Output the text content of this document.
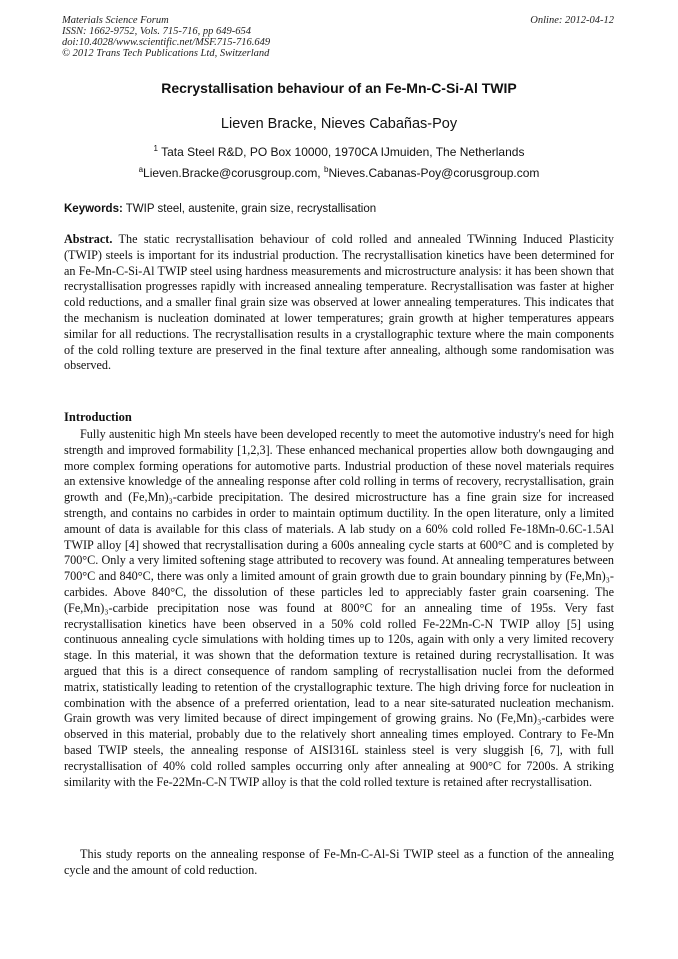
Materials Science Forum
ISSN: 1662-9752, Vols. 715-716, pp 649-654
doi:10.4028/www.scientific.net/MSF.715-716.649
© 2012 Trans Tech Publications Ltd, Switzerland
Online: 2012-04-12
Recrystallisation behaviour of an Fe-Mn-C-Si-Al TWIP
Lieven Bracke, Nieves Cabañas-Poy
$^1$ Tata Steel R&D, PO Box 10000, 1970CA IJmuiden, The Netherlands
$^a$Lieven.Bracke@corusgroup.com, $^b$Nieves.Cabanas-Poy@corusgroup.com
Keywords: TWIP steel, austenite, grain size, recrystallisation
Abstract. The static recrystallisation behaviour of cold rolled and annealed TWinning Induced Plasticity (TWIP) steels is important for its industrial production. The recrystallisation kinetics have been determined for an Fe-Mn-C-Si-Al TWIP steel using hardness measurements and microstructure analysis: it has been shown that recrystallisation progresses rapidly with increased annealing temperature. Recrystallisation was faster at higher cold reductions, and a smaller final grain size was observed at lower annealing temperatures. This indicates that the mechanism is nucleation dominated at lower temperatures; grain growth at higher temperatures appears similar for all reductions. The recrystallisation results in a crystallographic texture where the main components of the cold rolling texture are preserved in the final texture after annealing, although some randomisation was observed.
Introduction
Fully austenitic high Mn steels have been developed recently to meet the automotive industry's need for high strength and improved formability [1,2,3]. These enhanced mechanical properties allow both downgauging and more complex forming operations for automotive parts. Industrial production of these novel materials requires an extensive knowledge of the annealing response after cold rolling in terms of recovery, recrystallisation, grain growth and (Fe,Mn)₃-carbide precipitation. The desired microstructure has a fine grain size for increased strength, and contains no carbides in order to maintain optimum ductility. In the open literature, only a limited amount of data is available for this class of materials. A lab study on a 60% cold rolled Fe-18Mn-0.6C-1.5Al TWIP alloy [4] showed that recrystallisation during a 600s annealing cycle starts at 600°C and is completed by 700°C. Only a very limited softening stage attributed to recovery was found. At annealing temperatures between 700°C and 840°C, there was only a limited amount of grain growth due to grain boundary pinning by (Fe,Mn)₃-carbides. Above 840°C, the dissolution of these particles led to appreciably faster grain coarsening. The (Fe,Mn)₃-carbide precipitation nose was found at 800°C for an annealing time of 195s. Very fast recrystallisation kinetics have been observed in a 50% cold rolled Fe-22Mn-C-N TWIP alloy [5] using continuous annealing cycle simulations with holding times up to 120s, again with only a very limited recovery stage. In this material, it was shown that the deformation texture is retained during recrystallisation. It was argued that this is a direct consequence of random sampling of recrystallisation nuclei from the deformed matrix, statistically leading to retention of the crystallographic texture. The high driving force for nucleation in combination with the absence of a preferred orientation, lead to a near site-saturated nucleation mechanism. Grain growth was very limited because of direct impingement of growing grains. No (Fe,Mn)₃-carbides were observed in this material, probably due to the relatively short annealing times employed. Contrary to Fe-Mn based TWIP steels, the annealing response of AISI316L stainless steel is very sluggish [6, 7], with full recrystallisation of 40% cold rolled samples occurring only after annealing at 900°C for 7200s. A striking similarity with the Fe-22Mn-C-N TWIP alloy is that the cold rolled texture is retained after recrystallisation.
This study reports on the annealing response of Fe-Mn-C-Al-Si TWIP steel as a function of the annealing cycle and the amount of cold reduction.
